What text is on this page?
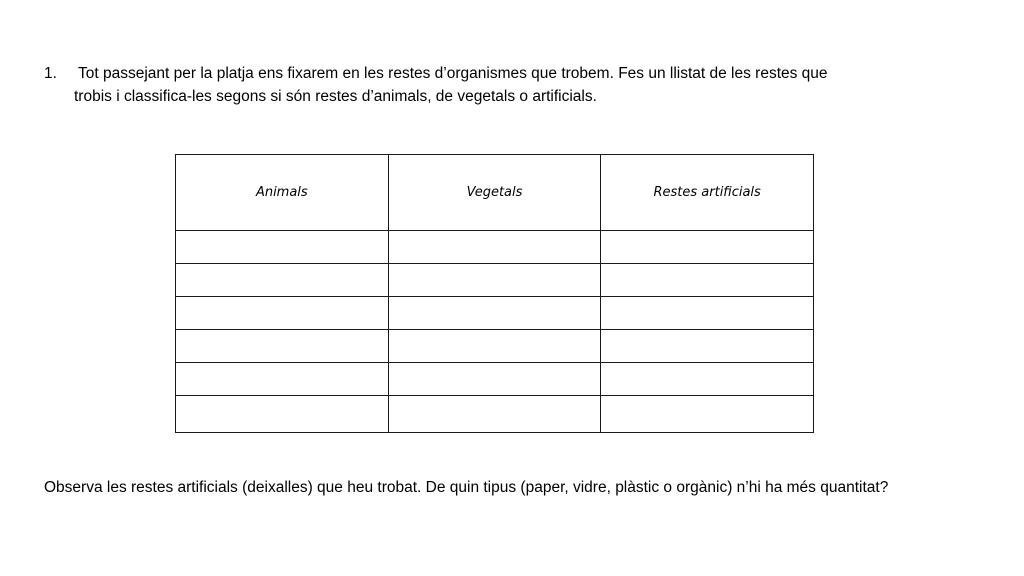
1. Tot passejant per la platja ens fixarem en les restes d’organismes que trobem. Fes un llistat de les restes que
trobis i classifica-les segons si són restes d’animals, de vegetals o artificials.
Animals	Vegetals	Restes artificials

Observa les restes artificials (deixalles) que heu trobat. De quin tipus (paper, vidre, plàstic o orgànic) n’hi ha més quantitat?
